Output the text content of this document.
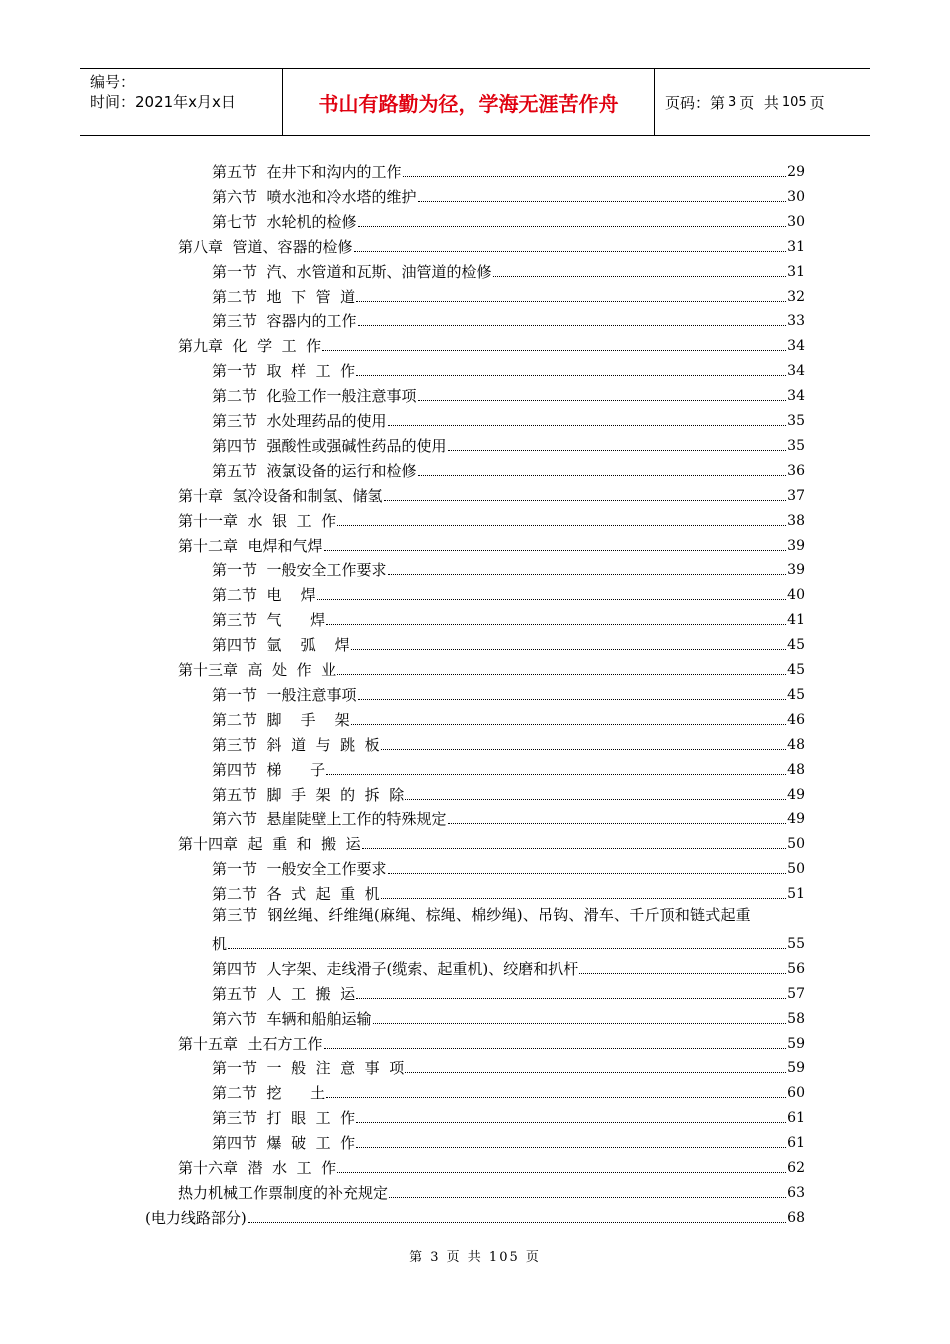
编号：
时间：2021年x月x日	书山有路勤为径，学海无涯苦作舟	页码：第 3 页  共 105 页
第五节  在井下和沟内的工作	29
第六节  喷水池和冷水塔的维护	30
第七节  水轮机的检修	30
第八章  管道、容器的检修	31
第一节  汽、水管道和瓦斯、油管道的检修	31
第二节  地  下  管  道	32
第三节  容器内的工作	33
第九章  化  学  工  作	34
第一节  取  样  工  作	34
第二节  化验工作一般注意事项	34
第三节  水处理药品的使用	35
第四节  强酸性或强碱性药品的使用	35
第五节  液氯设备的运行和检修	36
第十章  氢冷设备和制氢、储氢	37
第十一章  水  银  工  作	38
第十二章  电焊和气焊	39
第一节  一般安全工作要求	39
第二节  电    焊	40
第三节  气      焊	41
第四节  氩    弧    焊	45
第十三章  高  处  作  业	45
第一节  一般注意事项	45
第二节  脚    手    架	46
第三节  斜  道  与  跳  板	48
第四节  梯      子	48
第五节  脚  手  架  的  拆  除	49
第六节  悬崖陡壁上工作的特殊规定	49
第十四章  起  重  和  搬  运	50
第一节  一般安全工作要求	50
第二节  各  式  起  重  机	51
第三节  钢丝绳、纤维绳(麻绳、棕绳、棉纱绳)、吊钩、滑车、千斤顶和链式起重
机	55
第四节  人字架、走线滑子(缆索、起重机)、绞磨和扒杆	56
第五节  人  工  搬  运	57
第六节  车辆和船舶运输	58
第十五章  土石方工作	59
第一节  一  般  注  意  事  项	59
第二节  挖      土	60
第三节  打  眼  工  作	61
第四节  爆  破  工  作	61
第十六章  潜  水  工  作	62
热力机械工作票制度的补充规定	63
(电力线路部分)	68
第 3 页 共 105 页
